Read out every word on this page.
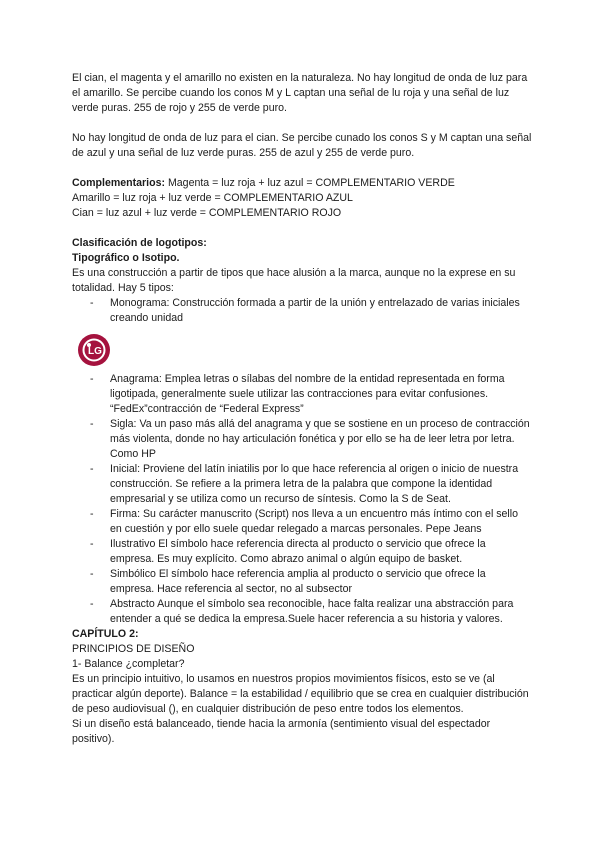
El cian, el magenta y el amarillo no existen en la naturaleza. No hay longitud de onda de luz para el amarillo. Se percibe cuando los conos M y L captan una señal de lu roja y una señal de luz verde puras. 255 de rojo y 255 de verde puro.

No hay longitud de onda de luz para el cian. Se percibe cunado los conos S y M captan una señal de azul y una señal de luz verde puras. 255 de azul y 255 de verde puro.

Complementarios: Magenta = luz roja + luz azul = COMPLEMENTARIO VERDE

Amarillo = luz roja + luz verde = COMPLEMENTARIO AZUL

Cian = luz azul + luz verde = COMPLEMENTARIO ROJO

Clasificación de logotipos:

Tipográfico o Isotipo.

Es una construcción a partir de tipos que hace alusión a la marca, aunque no la exprese en su totalidad. Hay 5 tipos:

- Monograma: Construcción formada a partir de la unión y entrelazado de varias iniciales creando unidad
LG
- Anagrama: Emplea letras o sílabas del nombre de la entidad representada en forma ligotipada, generalmente suele utilizar las contracciones para evitar confusiones. “FedEx”contracción de “Federal Express”
- Sigla: Va un paso más allá del anagrama y que se sostiene en un proceso de contracción más violenta, donde no hay articulación fonética y por ello se ha de leer letra por letra. Como HP
- Inicial: Proviene del latín iniatilis por lo que hace referencia al origen o inicio de nuestra construcción. Se refiere a la primera letra de la palabra que compone la identidad empresarial y se utiliza como un recurso de síntesis. Como la S de Seat.
- Firma: Su carácter manuscrito (Script) nos lleva a un encuentro más íntimo con el sello en cuestión y por ello suele quedar relegado a marcas personales. Pepe Jeans
- Ilustrativo El símbolo hace referencia directa al producto o servicio que ofrece la empresa. Es muy explícito. Como abrazo animal o algún equipo de basket.
- Simbólico El símbolo hace referencia amplia al producto o servicio que ofrece la empresa. Hace referencia al sector, no al subsector
- Abstracto Aunque el símbolo sea reconocible, hace falta realizar una abstracción para entender a qué se dedica la empresa.Suele hacer referencia a su historia y valores.

CAPÍTULO 2:

PRINCIPIOS DE DISEÑO

1- Balance ¿completar?

Es un principio intuitivo, lo usamos en nuestros propios movimientos físicos, esto se ve (al practicar algún deporte). Balance = la estabilidad / equilibrio que se crea en cualquier distribución de peso audiovisual (), en cualquier distribución de peso entre todos los elementos.

Si un diseño está balanceado, tiende hacia la armonía (sentimiento visual del espectador positivo).
